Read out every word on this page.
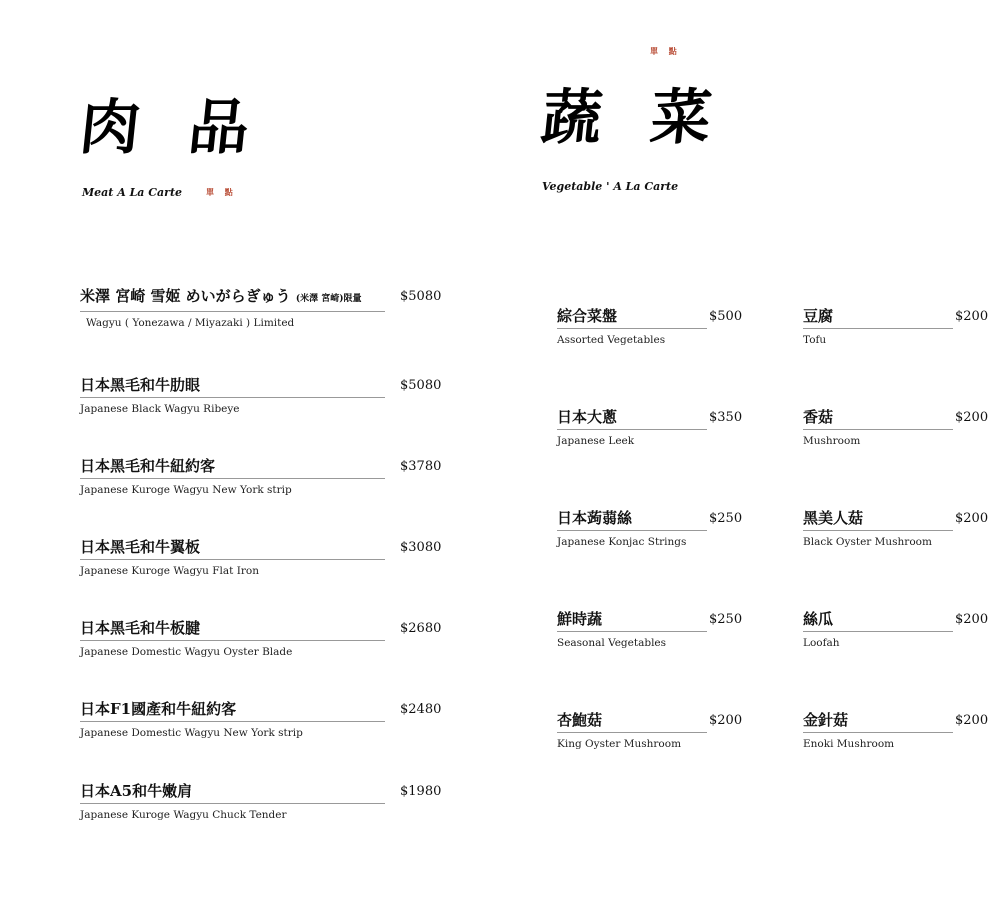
肉 品
Meat A La Carte	單 點
單 點
蔬 菜
Vegetable ' A La Carte
米澤 宮崎 雪姬 めいがらぎゅう (米澤 宮崎)限量
Wagyu ( Yonezawa / Miyazaki ) Limited
$5080
日本黑毛和牛肋眼
Japanese Black Wagyu Ribeye
$5080
日本黑毛和牛紐約客
Japanese Kuroge Wagyu New York strip
$3780
日本黑毛和牛翼板
Japanese Kuroge Wagyu Flat Iron
$3080
日本黑毛和牛板腱
Japanese Domestic Wagyu Oyster Blade
$2680
日本F1國產和牛紐約客
Japanese Domestic Wagyu New York strip
$2480
日本A5和牛嫩肩
Japanese Kuroge Wagyu Chuck Tender
$1980
綜合菜盤
Assorted Vegetables
$500
日本大蔥
Japanese Leek
$350
日本蒟蒻絲
Japanese Konjac Strings
$250
鮮時蔬
Seasonal Vegetables
$250
杏鮑菇
King Oyster Mushroom
$200
豆腐
Tofu
$200
香菇
Mushroom
$200
黑美人菇
Black Oyster Mushroom
$200
絲瓜
Loofah
$200
金針菇
Enoki Mushroom
$200
